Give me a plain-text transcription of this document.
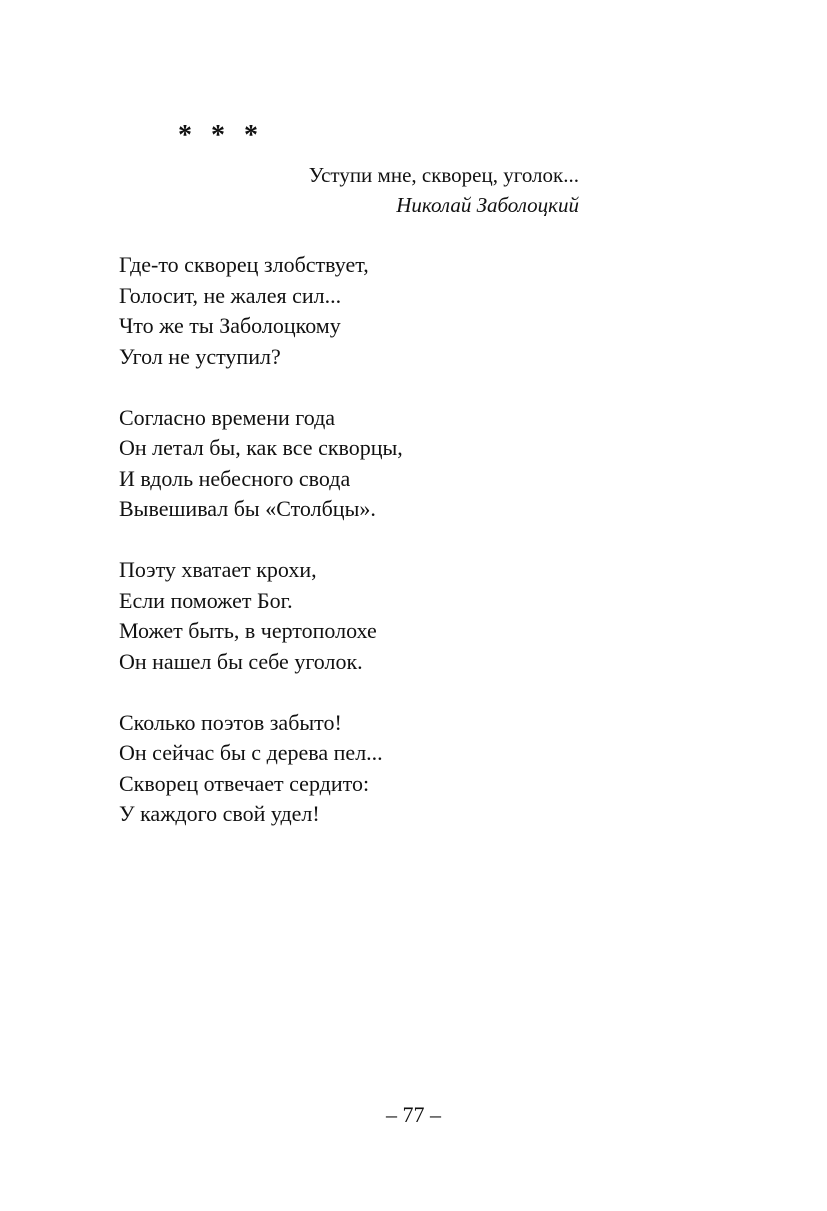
* * *
Уступи мне, скворец, уголок...
Николай Заболоцкий
Где-то скворец злобствует,
Голосит, не жалея сил...
Что же ты Заболоцкому
Угол не уступил?
Согласно времени года
Он летал бы, как все скворцы,
И вдоль небесного свода
Вывешивал бы «Столбцы».
Поэту хватает крохи,
Если поможет Бог.
Может быть, в чертополохе
Он нашел бы себе уголок.
Сколько поэтов забыто!
Он сейчас бы с дерева пел...
Скворец отвечает сердито:
У каждого свой удел!
– 77 –
